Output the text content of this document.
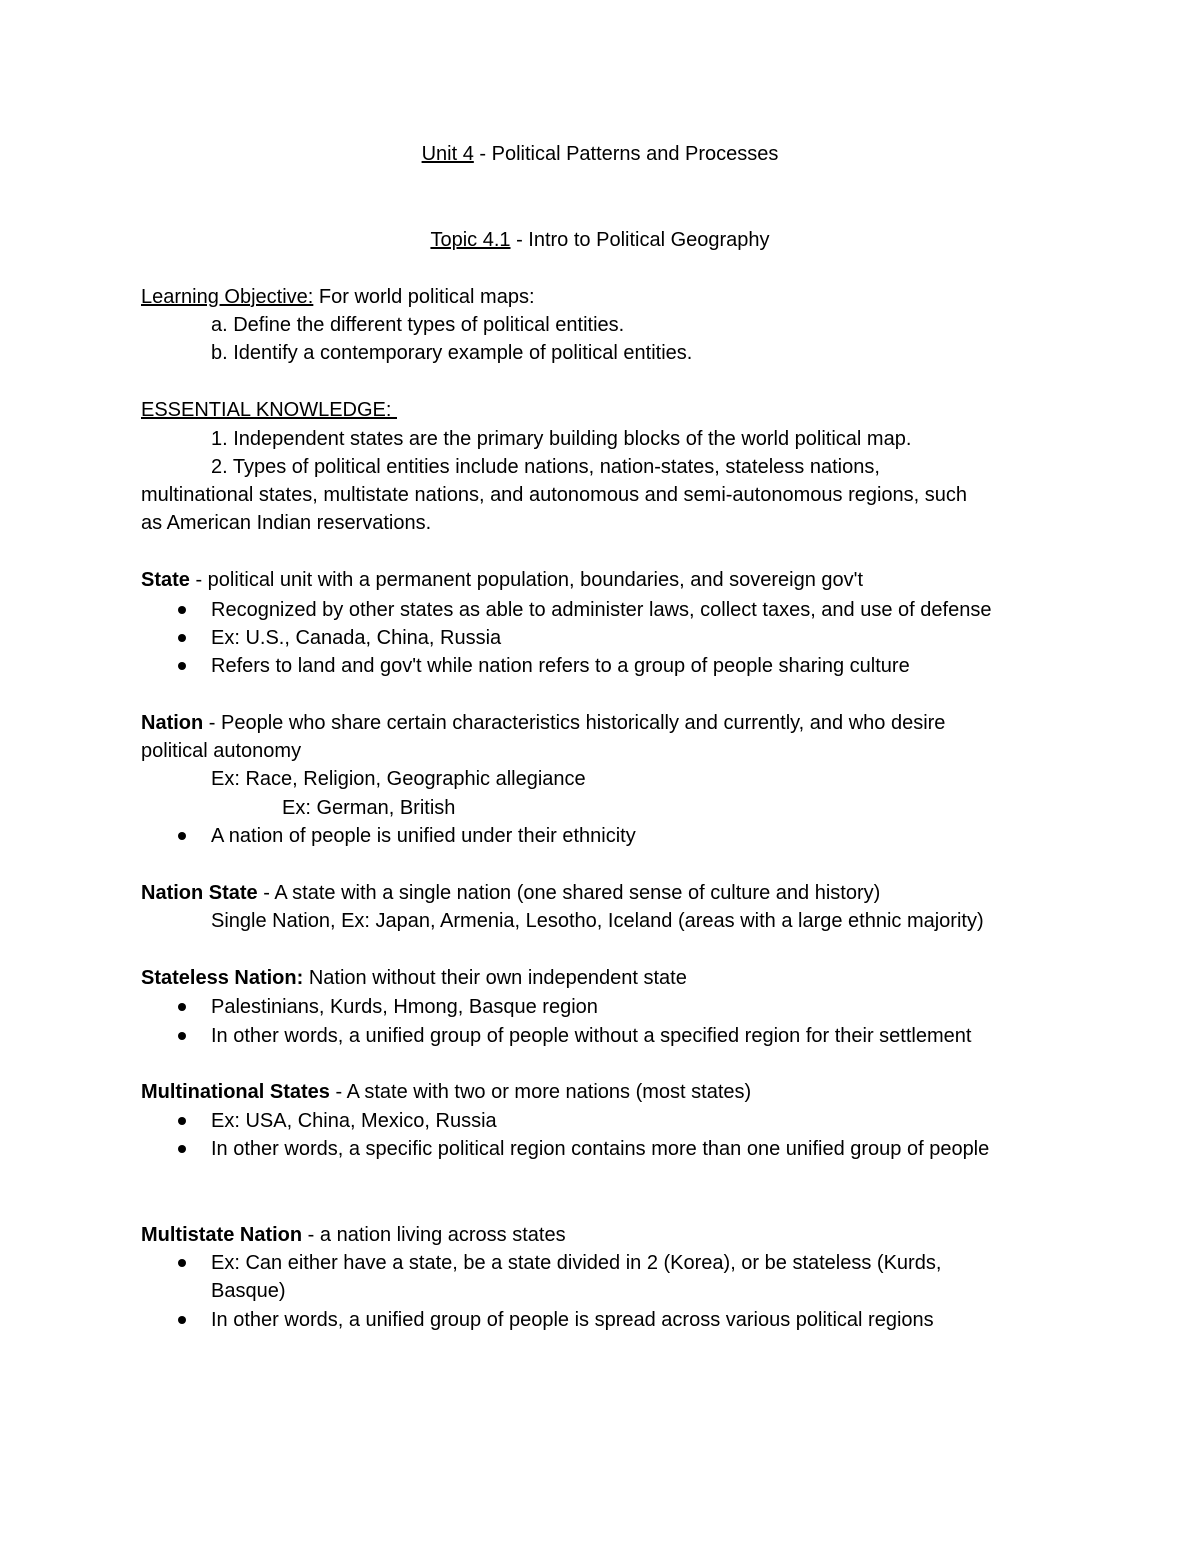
Unit 4 - Political Patterns and Processes
Topic 4.1 - Intro to Political Geography
Learning Objective: For world political maps:
a. Define the different types of political entities.
b. Identify a contemporary example of political entities.
ESSENTIAL KNOWLEDGE:
1. Independent states are the primary building blocks of the world political map.
2. Types of political entities include nations, nation-states, stateless nations,
multinational states, multistate nations, and autonomous and semi-autonomous regions, such
as American Indian reservations.
State - political unit with a permanent population, boundaries, and sovereign gov't
Recognized by other states as able to administer laws, collect taxes, and use of defense
Ex: U.S., Canada, China, Russia
Refers to land and gov't while nation refers to a group of people sharing culture
Nation - People who share certain characteristics historically and currently, and who desire
political autonomy
Ex: Race, Religion, Geographic allegiance
Ex: German, British
A nation of people is unified under their ethnicity
Nation State - A state with a single nation (one shared sense of culture and history)
Single Nation, Ex: Japan, Armenia, Lesotho, Iceland (areas with a large ethnic majority)
Stateless Nation: Nation without their own independent state
Palestinians, Kurds, Hmong, Basque region
In other words, a unified group of people without a specified region for their settlement
Multinational States - A state with two or more nations (most states)
Ex: USA, China, Mexico, Russia
In other words, a specific political region contains more than one unified group of people
Multistate Nation - a nation living across states
Ex: Can either have a state, be a state divided in 2 (Korea), or be stateless (Kurds,
Basque)
In other words, a unified group of people is spread across various political regions
